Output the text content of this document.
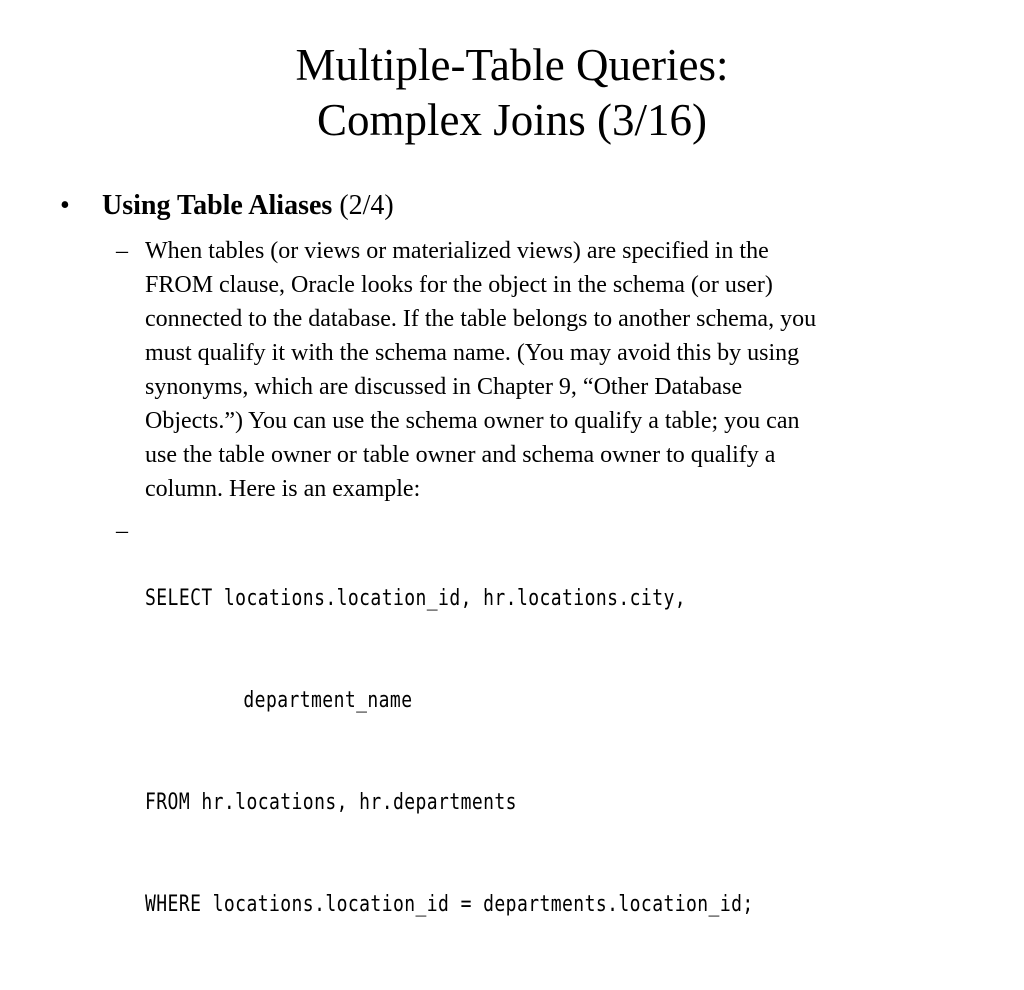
Multiple-Table Queries:
Complex Joins (3/16)
•	Using Table Aliases (2/4)
– When tables (or views or materialized views) are specified in the
FROM clause, Oracle looks for the object in the schema (or user)
connected to the database. If the table belongs to another schema, you
must qualify it with the schema name. (You may avoid this by using
synonyms, which are discussed in Chapter 9, “Other Database
Objects.”) You can use the schema owner to qualify a table; you can
use the table owner or table owner and schema owner to qualify a
column. Here is an example:
–

SELECT locations.location_id, hr.locations.city,

department_name

FROM hr.locations, hr.departments

WHERE locations.location_id = departments.location_id;
